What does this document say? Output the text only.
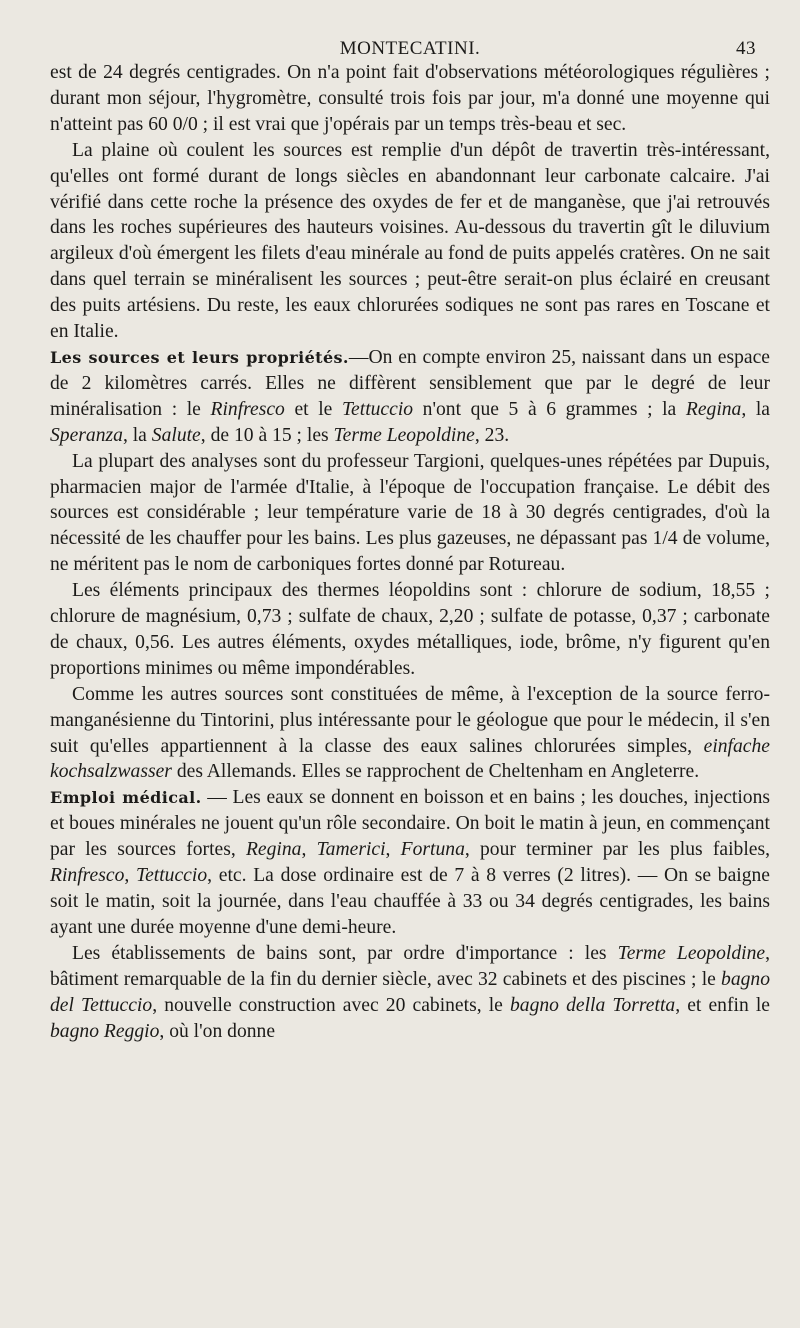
MONTECATINI.	43

est de 24 degrés centigrades. On n'a point fait d'observations météorologiques régulières ; durant mon séjour, l'hygromètre, consulté trois fois par jour, m'a donné une moyenne qui n'atteint pas 60 0/0 ; il est vrai que j'opérais par un temps très-beau et sec.

La plaine où coulent les sources est remplie d'un dépôt de travertin très-intéressant, qu'elles ont formé durant de longs siècles en abandonnant leur carbonate calcaire. J'ai vérifié dans cette roche la présence des oxydes de fer et de manganèse, que j'ai retrouvés dans les roches supérieures des hauteurs voisines. Au-dessous du travertin gît le diluvium argileux d'où émergent les filets d'eau minérale au fond de puits appelés cratères. On ne sait dans quel terrain se minéralisent les sources ; peut-être serait-on plus éclairé en creusant des puits artésiens. Du reste, les eaux chlorurées sodiques ne sont pas rares en Toscane et en Italie.

Les sources et leurs propriétés.—On en compte environ 25, naissant dans un espace de 2 kilomètres carrés. Elles ne diffèrent sensiblement que par le degré de leur minéralisation : le Rinfresco et le Tettuccio n'ont que 5 à 6 grammes ; la Regina, la Speranza, la Salute, de 10 à 15 ; les Terme Leopoldine, 23.

La plupart des analyses sont du professeur Targioni, quelques-unes répétées par Dupuis, pharmacien major de l'armée d'Italie, à l'époque de l'occupation française. Le débit des sources est considérable ; leur température varie de 18 à 30 degrés centigrades, d'où la nécessité de les chauffer pour les bains. Les plus gazeuses, ne dépassant pas 1/4 de volume, ne méritent pas le nom de carboniques fortes donné par Rotureau.

Les éléments principaux des thermes léopoldins sont : chlorure de sodium, 18,55 ; chlorure de magnésium, 0,73 ; sulfate de chaux, 2,20 ; sulfate de potasse, 0,37 ; carbonate de chaux, 0,56. Les autres éléments, oxydes métalliques, iode, brôme, n'y figurent qu'en proportions minimes ou même impondérables.

Comme les autres sources sont constituées de même, à l'exception de la source ferro-manganésienne du Tintorini, plus intéressante pour le géologue que pour le médecin, il s'en suit qu'elles appartiennent à la classe des eaux salines chlorurées simples, einfache kochsalzwasser des Allemands. Elles se rapprochent de Cheltenham en Angleterre.

Emploi médical. — Les eaux se donnent en boisson et en bains ; les douches, injections et boues minérales ne jouent qu'un rôle secondaire. On boit le matin à jeun, en commençant par les sources fortes, Regina, Tamerici, Fortuna, pour terminer par les plus faibles, Rinfresco, Tettuccio, etc. La dose ordinaire est de 7 à 8 verres (2 litres). — On se baigne soit le matin, soit la journée, dans l'eau chauffée à 33 ou 34 degrés centigrades, les bains ayant une durée moyenne d'une demi-heure.

Les établissements de bains sont, par ordre d'importance : les Terme Leopoldine, bâtiment remarquable de la fin du dernier siècle, avec 32 cabinets et des piscines ; le bagno del Tettuccio, nouvelle construction avec 20 cabinets, le bagno della Torretta, et enfin le bagno Reggio, où l'on donne
